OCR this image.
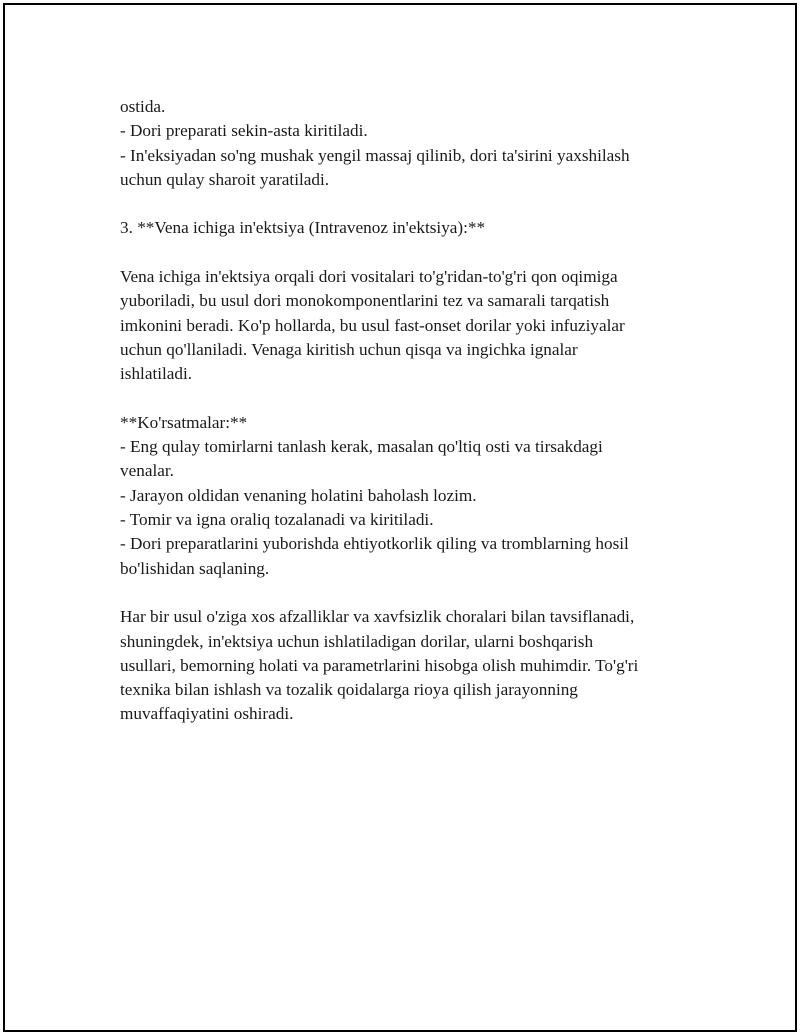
ostida.
- Dori preparati sekin-asta kiritiladi.
- In'eksiyadan so'ng mushak yengil massaj qilinib, dori ta'sirini yaxshilash
uchun qulay sharoit yaratiladi.
3. **Vena ichiga in'ektsiya (Intravenoz in'ektsiya):**
Vena ichiga in'ektsiya orqali dori vositalari to'g'ridan-to'g'ri qon oqimiga
yuboriladi, bu usul dori monokomponentlarini tez va samarali tarqatish
imkonini beradi. Ko'p hollarda, bu usul fast-onset dorilar yoki infuziyalar
uchun qo'llaniladi. Venaga kiritish uchun qisqa va ingichka ignalar
ishlatiladi.
**Ko'rsatmalar:**
- Eng qulay tomirlarni tanlash kerak, masalan qo'ltiq osti va tirsakdagi
venalar.
- Jarayon oldidan venaning holatini baholash lozim.
- Tomir va igna oraliq tozalanadi va kiritiladi.
- Dori preparatlarini yuborishda ehtiyotkorlik qiling va tromblarning hosil
bo'lishidan saqlaning.
Har bir usul o'ziga xos afzalliklar va xavfsizlik choralari bilan tavsiflanadi,
shuningdek, in'ektsiya uchun ishlatiladigan dorilar, ularni boshqarish
usullari, bemorning holati va parametrlarini hisobga olish muhimdir. To'g'ri
texnika bilan ishlash va tozalik qoidalarga rioya qilish jarayonning
muvaffaqiyatini oshiradi.
